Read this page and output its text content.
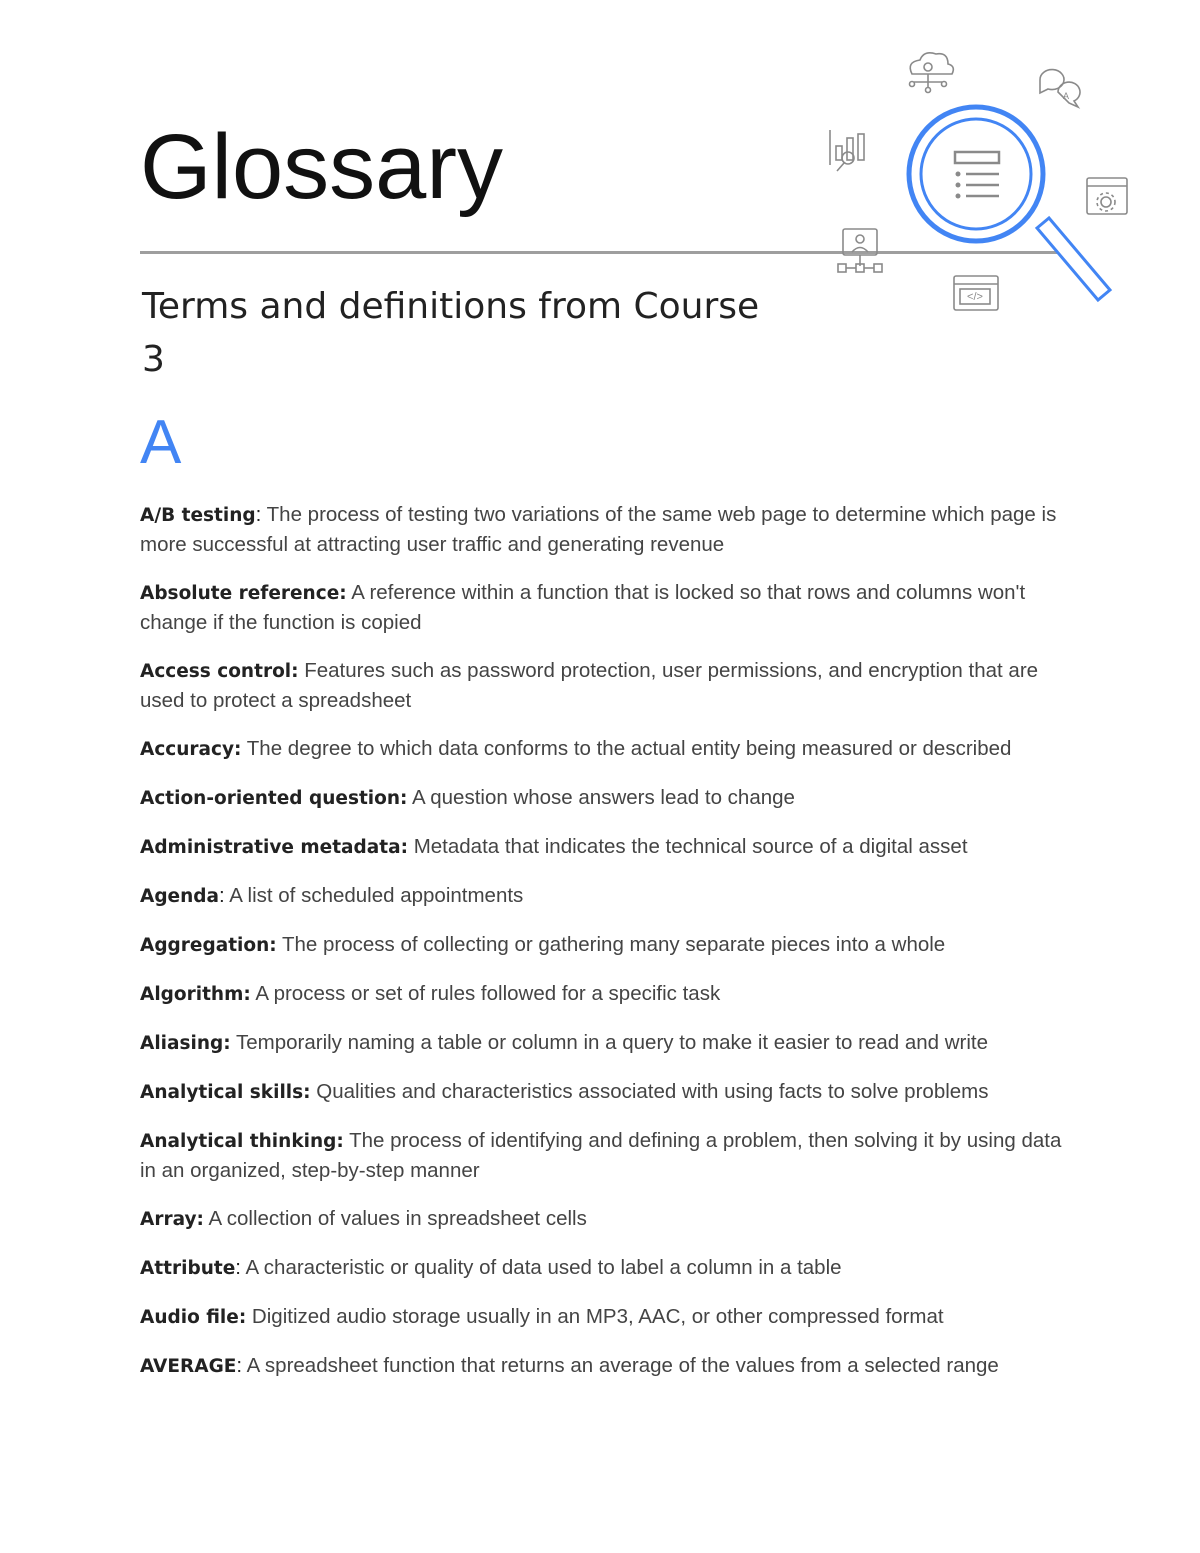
Glossary
A
</>
Terms and definitions from Course 3
A

A/B testing: The process of testing two variations of the same web page to determine which page is more successful at attracting user traffic and generating revenue

Absolute reference: A reference within a function that is locked so that rows and columns won't change if the function is copied

Access control: Features such as password protection, user permissions, and encryption that are used to protect a spreadsheet

Accuracy: The degree to which data conforms to the actual entity being measured or described

Action-oriented question: A question whose answers lead to change

Administrative metadata: Metadata that indicates the technical source of a digital asset

Agenda: A list of scheduled appointments

Aggregation: The process of collecting or gathering many separate pieces into a whole

Algorithm: A process or set of rules followed for a specific task

Aliasing: Temporarily naming a table or column in a query to make it easier to read and write

Analytical skills: Qualities and characteristics associated with using facts to solve problems

Analytical thinking: The process of identifying and defining a problem, then solving it by using data in an organized, step-by-step manner

Array: A collection of values in spreadsheet cells

Attribute: A characteristic or quality of data used to label a column in a table

Audio file: Digitized audio storage usually in an MP3, AAC, or other compressed format

AVERAGE: A spreadsheet function that returns an average of the values from a selected range
